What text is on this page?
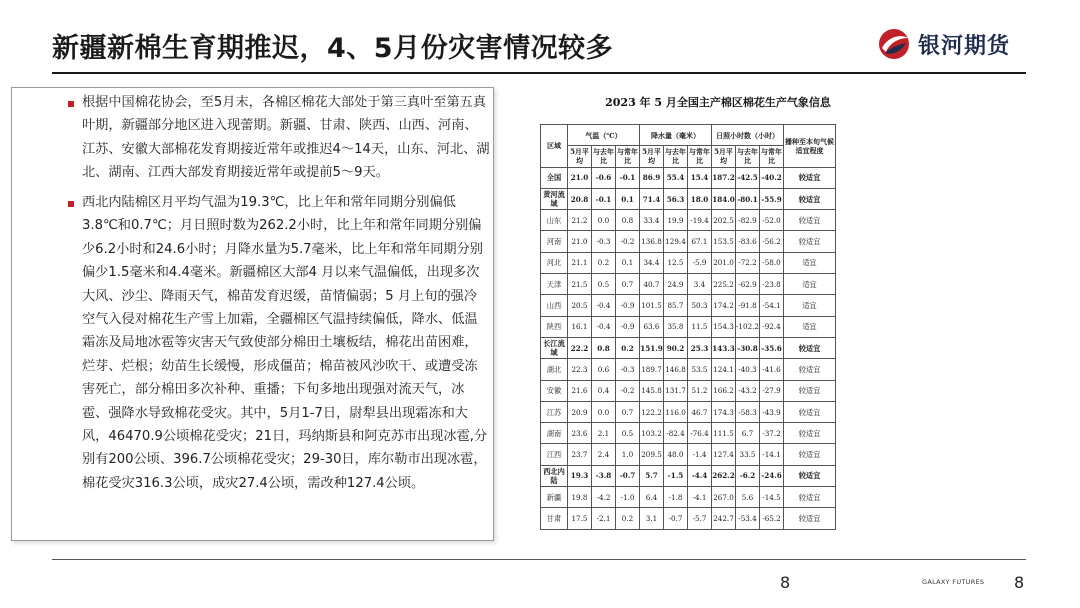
新疆新棉生育期推迟，4、5月份灾害情况较多	银河期货
根据中国棉花协会，至5月末，各棉区棉花大部处于第三真叶至第五真叶期，新疆部分地区进入现蕾期。新疆、甘肃、陕西、山西、河南、江苏、安徽大部棉花发育期接近常年或推迟4～14天，山东、河北、湖北、湖南、江西大部发育期接近常年或提前5～9天。
西北内陆棉区月平均气温为19.3℃，比上年和常年同期分别偏低3.8℃和0.7℃；月日照时数为262.2小时，比上年和常年同期分别偏少6.2小时和24.6小时；月降水量为5.7毫米，比上年和常年同期分别偏少1.5毫米和4.4毫米。新疆棉区大部4 月以来气温偏低，出现多次大风、沙尘、降雨天气，棉苗发育迟缓，苗情偏弱；5 月上旬的强冷空气入侵对棉花生产雪上加霜，全疆棉区气温持续偏低，降水、低温霜冻及局地冰雹等灾害天气致使部分棉田土壤板结，棉花出苗困难，烂芽、烂根；幼苗生长缓慢，形成僵苗；棉苗被风沙吹干、或遭受冻害死亡，部分棉田多次补种、重播；下旬多地出现强对流天气，冰雹、强降水导致棉花受灾。其中，5月1-7日，尉犁县出现霜冻和大风，46470.9公顷棉花受灾；21日，玛纳斯县和阿克苏市出现冰雹,分别有200公顷、396.7公顷棉花受灾；29-30日，库尔勒市出现冰雹，棉花受灾316.3公顷，成灾27.4公顷，需改种127.4公顷。
2023 年 5 月全国主产棉区棉花生产气象信息
区域	气温（℃）			降水量（毫米）			日照小时数（小时）			播种至本旬气候适宜程度
	5月平均	与去年比	与常年比	5月平均	与去年比	与常年比	5月平均	与去年比	与常年比	
全国	21.0	-0.6	-0.1	86.9	55.4	15.4	187.2	-42.5	-40.2	较适宜
黄河流域	20.8	-0.1	0.1	71.4	56.3	18.0	184.0	-80.1	-55.9	较适宜
山东	21.2	0.0	0.8	33.4	19.9	-19.4	202.5	-82.9	-52.0	较适宜
河南	21.0	-0.3	-0.2	136.8	129.4	67.1	153.5	-83.6	-56.2	较适宜
河北	21.1	0.2	0.1	34.4	12.5	-5.9	201.0	-72.2	-58.0	适宜
天津	21.5	0.5	0.7	40.7	24.9	3.4	225.2	-62.9	-23.8	适宜
山西	20.5	-0.4	-0.9	101.5	85.7	50.3	174.2	-91.8	-54.1	适宜
陕西	16.1	-0.4	-0.9	63.6	35.8	11.5	154.3	-102.2	-92.4	适宜
长江流域	22.2	0.8	0.2	151.9	90.2	25.3	143.3	-30.8	-35.6	较适宜
湖北	22.3	0.6	-0.3	189.7	146.8	53.5	124.1	-40.3	-41.6	较适宜
安徽	21.6	0.4	-0.2	145.8	131.7	51.2	166.2	-43.2	-27.9	较适宜
江苏	20.9	0.0	0.7	122.2	116.0	46.7	174.3	-58.3	-43.9	较适宜
湖南	23.6	2.1	0.5	103.2	-82.4	-76.4	111.5	6.7	-37.2	较适宜
江西	23.7	2.4	1.0	209.5	48.0	-1.4	127.4	33.5	-14.1	较适宜
西北内陆	19.3	-3.8	-0.7	5.7	-1.5	-4.4	262.2	-6.2	-24.6	较适宜
新疆	19.8	-4.2	-1.0	6.4	-1.8	-4.1	267.0	5.6	-14.5	较适宜
甘肃	17.5	-2.1	0.2	3.1	-0.7	-5.7	242.7	-53.4	-65.2	较适宜
8	GALAXY FUTURES 8
